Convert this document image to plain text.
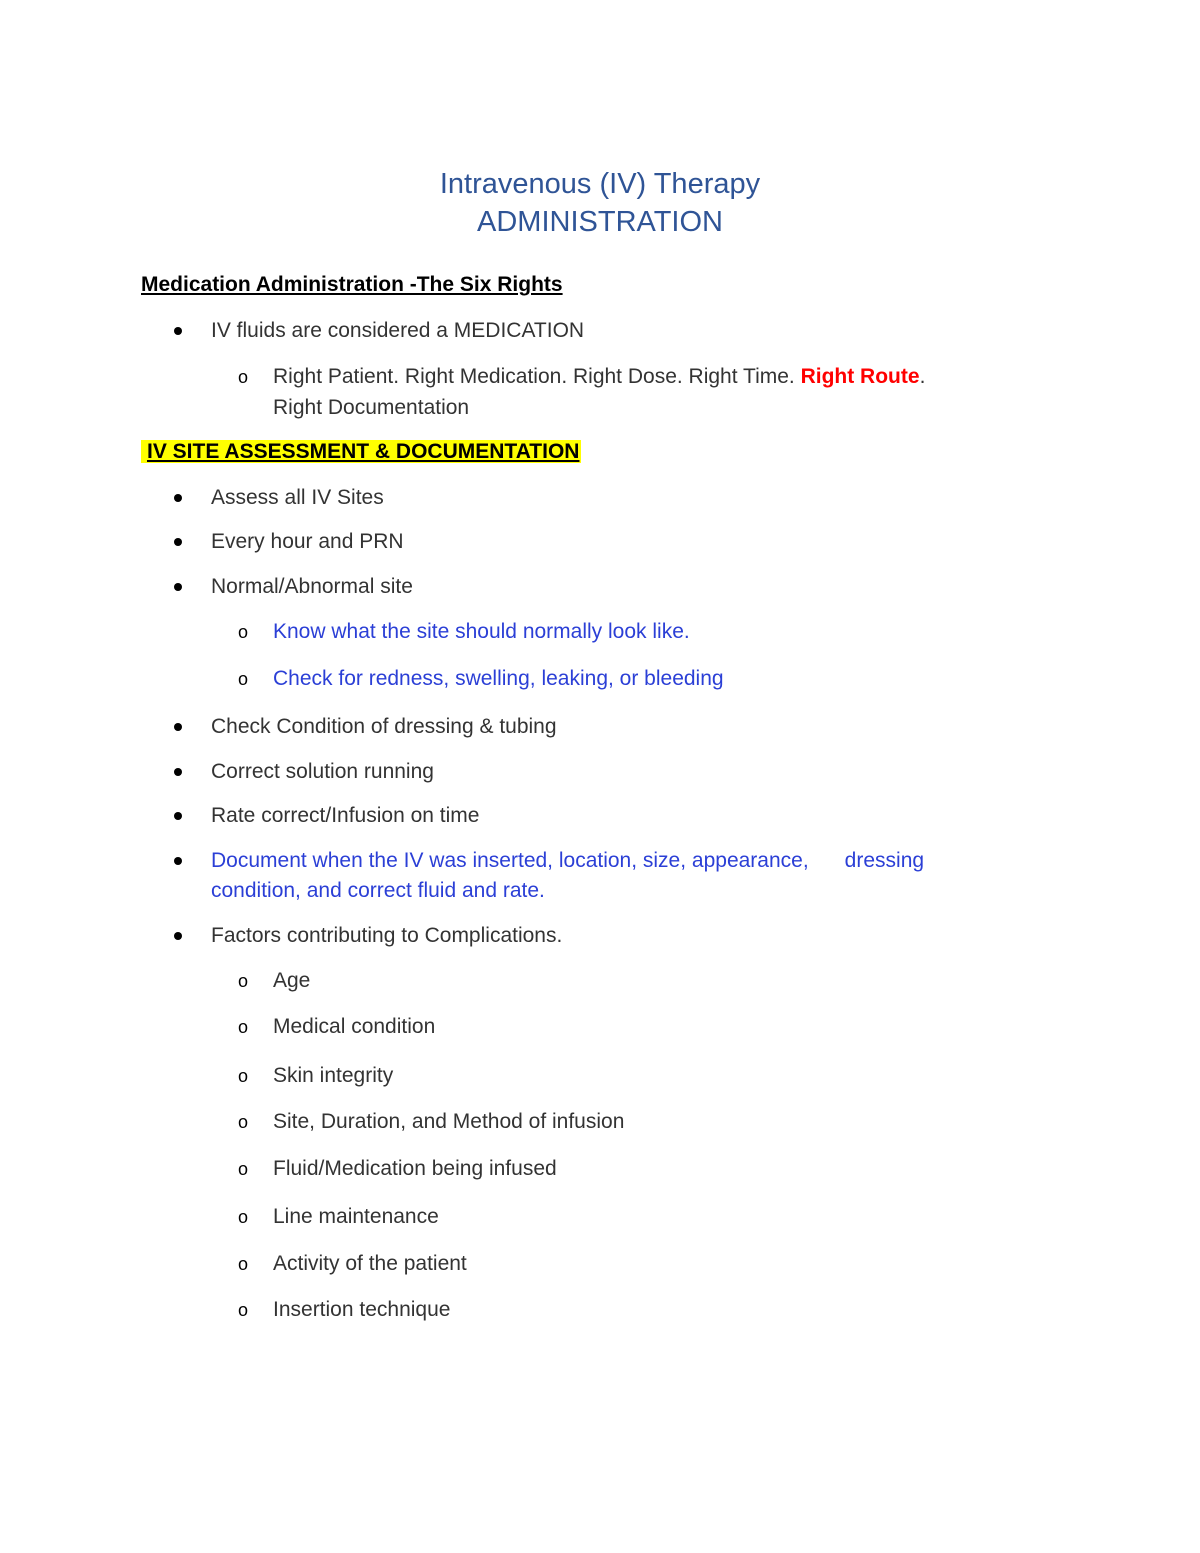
Intravenous (IV) Therapy
ADMINISTRATION
Medication Administration -The Six Rights
IV fluids are considered a MEDICATION
o Right Patient. Right Medication. Right Dose. Right Time. Right Route.
Right Documentation
IV SITE ASSESSMENT & DOCUMENTATION
Assess all IV Sites
Every hour and PRN
Normal/Abnormal site
o Know what the site should normally look like.
o Check for redness, swelling, leaking, or bleeding
Check Condition of dressing & tubing
Correct solution running
Rate correct/Infusion on time
Document when the IV was inserted, location, size, appearance, dressing
condition, and correct fluid and rate.
Factors contributing to Complications.
o Age
o Medical condition
o Skin integrity
o Site, Duration, and Method of infusion
o Fluid/Medication being infused
o Line maintenance
o Activity of the patient
o Insertion technique
